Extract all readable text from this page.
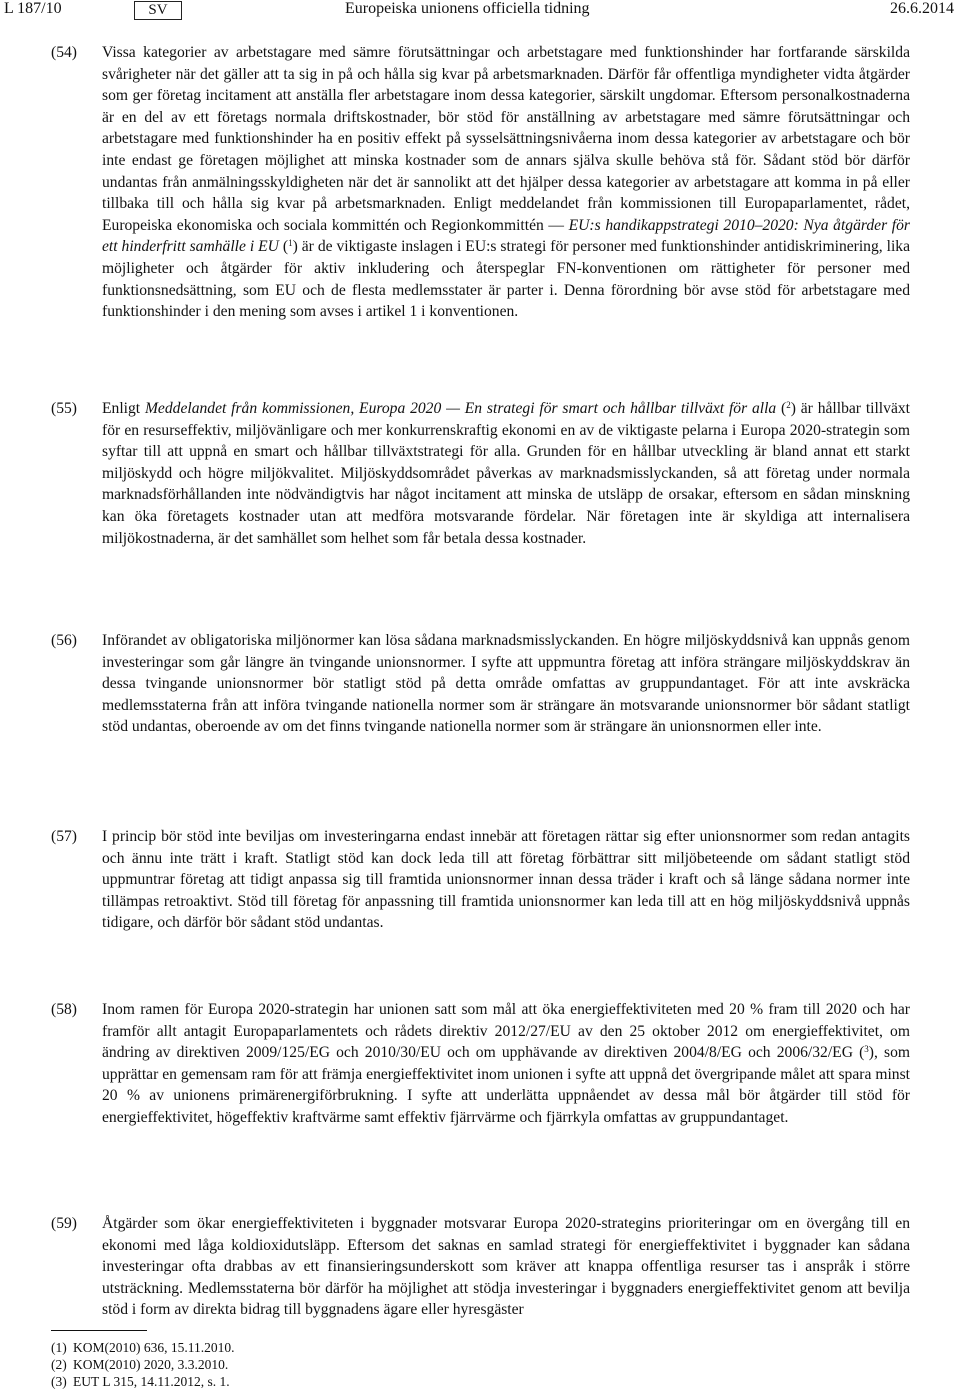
L 187/10	SV	Europeiska unionens officiella tidning	26.6.2014
(54) Vissa kategorier av arbetstagare med sämre förutsättningar och arbetstagare med funktionshinder har fortfarande särskilda svårigheter när det gäller att ta sig in på och hålla sig kvar på arbetsmarknaden. Därför får offentliga myndigheter vidta åtgärder som ger företag incitament att anställa fler arbetstagare inom dessa kategorier, särskilt ungdomar. Eftersom personalkostnaderna är en del av ett företags normala driftskostnader, bör stöd för anställning av arbetstagare med sämre förutsättningar och arbetstagare med funktionshinder ha en positiv effekt på sysselsättningsnivåerna inom dessa kategorier av arbetstagare och bör inte endast ge företagen möjlighet att minska kostnader som de annars själva skulle behöva stå för. Sådant stöd bör därför undantas från anmälningsskyldigheten när det är sannolikt att det hjälper dessa kategorier av arbetstagare att komma in på eller tillbaka till och hålla sig kvar på arbetsmarknaden. Enligt meddelandet från kommissionen till Europaparlamentet, rådet, Europeiska ekonomiska och sociala kommittén och Regionkommittén — EU:s handikappstrategi 2010–2020: Nya åtgärder för ett hinderfritt samhälle i EU ($^1$) är de viktigaste inslagen i EU:s strategi för personer med funktionshinder antidiskriminering, lika möjligheter och åtgärder för aktiv inkludering och återspeglar FN-konventionen om rättigheter för personer med funktionsnedsättning, som EU och de flesta medlemsstater är parter i. Denna förordning bör avse stöd för arbetstagare med funktionshinder i den mening som avses i artikel 1 i konventionen.

(55) Enligt Meddelandet från kommissionen, Europa 2020 — En strategi för smart och hållbar tillväxt för alla ($^2$) är hållbar tillväxt för en resurseffektiv, miljövänligare och mer konkurrenskraftig ekonomi en av de viktigaste pelarna i Europa 2020-strategin som syftar till att uppnå en smart och hållbar tillväxtstrategi för alla. Grunden för en hållbar utveckling är bland annat ett starkt miljöskydd och högre miljökvalitet. Miljöskyddsområdet påverkas av marknadsmisslyckanden, så att företag under normala marknadsförhållanden inte nödvändigtvis har något incitament att minska de utsläpp de orsakar, eftersom en sådan minskning kan öka företagets kostnader utan att medföra motsvarande fördelar. När företagen inte är skyldiga att internalisera miljökostnaderna, är det samhället som helhet som får betala dessa kostnader.

(56) Införandet av obligatoriska miljönormer kan lösa sådana marknadsmisslyckanden. En högre miljöskyddsnivå kan uppnås genom investeringar som går längre än tvingande unionsnormer. I syfte att uppmuntra företag att införa strängare miljöskyddskrav än dessa tvingande unionsnormer bör statligt stöd på detta område omfattas av gruppundantaget. För att inte avskräcka medlemsstaterna från att införa tvingande nationella normer som är strängare än motsvarande unionsnormer bör sådant statligt stöd undantas, oberoende av om det finns tvingande nationella normer som är strängare än unionsnormen eller inte.

(57) I princip bör stöd inte beviljas om investeringarna endast innebär att företagen rättar sig efter unionsnormer som redan antagits och ännu inte trätt i kraft. Statligt stöd kan dock leda till att företag förbättrar sitt miljöbeteende om sådant statligt stöd uppmuntrar företag att tidigt anpassa sig till framtida unionsnormer innan dessa träder i kraft och så länge sådana normer inte tillämpas retroaktivt. Stöd till företag för anpassning till framtida unionsnormer kan leda till att en hög miljöskyddsnivå uppnås tidigare, och därför bör sådant stöd undantas.

(58) Inom ramen för Europa 2020-strategin har unionen satt som mål att öka energieffektiviteten med 20 % fram till 2020 och har framför allt antagit Europaparlamentets och rådets direktiv 2012/27/EU av den 25 oktober 2012 om energieffektivitet, om ändring av direktiven 2009/125/EG och 2010/30/EU och om upphävande av direktiven 2004/8/EG och 2006/32/EG ($^3$), som upprättar en gemensam ram för att främja energieffektivitet inom unionen i syfte att uppnå det övergripande målet att spara minst 20 % av unionens primärenergiförbrukning. I syfte att underlätta uppnåendet av dessa mål bör åtgärder till stöd för energieffektivitet, högeffektiv kraftvärme samt effektiv fjärrvärme och fjärrkyla omfattas av gruppundantaget.

(59) Åtgärder som ökar energieffektiviteten i byggnader motsvarar Europa 2020-strategins prioriteringar om en övergång till en ekonomi med låga koldioxidutsläpp. Eftersom det saknas en samlad strategi för energieffektivitet i byggnader kan sådana investeringar ofta drabbas av ett finansieringsunderskott som kräver att knappa offentliga resurser tas i anspråk i större utsträckning. Medlemsstaterna bör därför ha möjlighet att stödja investeringar i byggnaders energieffektivitet genom att bevilja stöd i form av direkta bidrag till byggnadens ägare eller hyresgäster

(1) KOM(2010) 636, 15.11.2010.
(2) KOM(2010) 2020, 3.3.2010.
(3) EUT L 315, 14.11.2012, s. 1.
